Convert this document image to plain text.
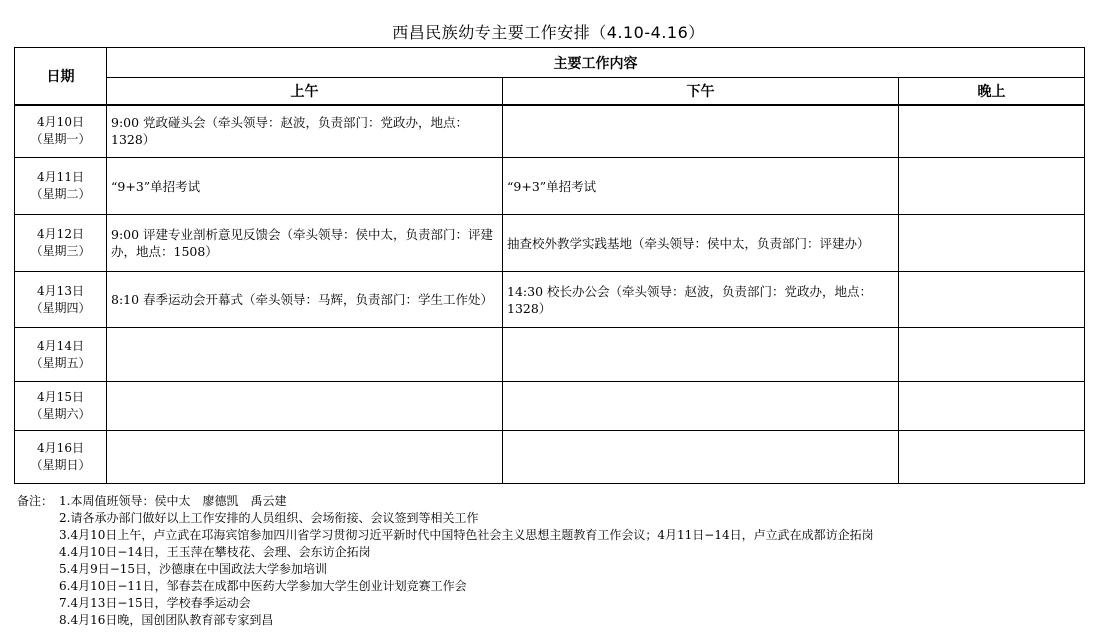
西昌民族幼专主要工作安排（4.10-4.16）
日期	主要工作内容		
	上午	下午	晚上

4月10日
（星期一）	9:00 党政碰头会（牵头领导：赵波，负责部门：党政办，地点：1328）		

4月11日
（星期二）	“9+3”单招考试	“9+3”单招考试	

4月12日
（星期三）	9:00 评建专业剖析意见反馈会（牵头领导：侯中太，负责部门：评建办，地点：1508）	抽查校外教学实践基地（牵头领导：侯中太，负责部门：评建办）	

4月13日
（星期四）	8:10 春季运动会开幕式（牵头领导：马辉，负责部门：学生工作处）	14:30 校长办公会（牵头领导：赵波，负责部门：党政办，地点：1328）	

4月14日
（星期五）			

4月15日
（星期六）			

4月16日
（星期日）			

备注： 1.本周值班领导：侯中太　廖德凯　禹云建
2.请各承办部门做好以上工作安排的人员组织、会场衔接、会议签到等相关工作
3.4月10日上午，卢立武在邛海宾馆参加四川省学习贯彻习近平新时代中国特色社会主义思想主题教育工作会议；4月11日−14日，卢立武在成都访企拓岗
4.4月10日−14日，王玉萍在攀枝花、会理、会东访企拓岗
5.4月9日−15日，沙德康在中国政法大学参加培训
6.4月10日−11日，邹春芸在成都中医药大学参加大学生创业计划竞赛工作会
7.4月13日−15日，学校春季运动会
8.4月16日晚，国创团队教育部专家到昌
